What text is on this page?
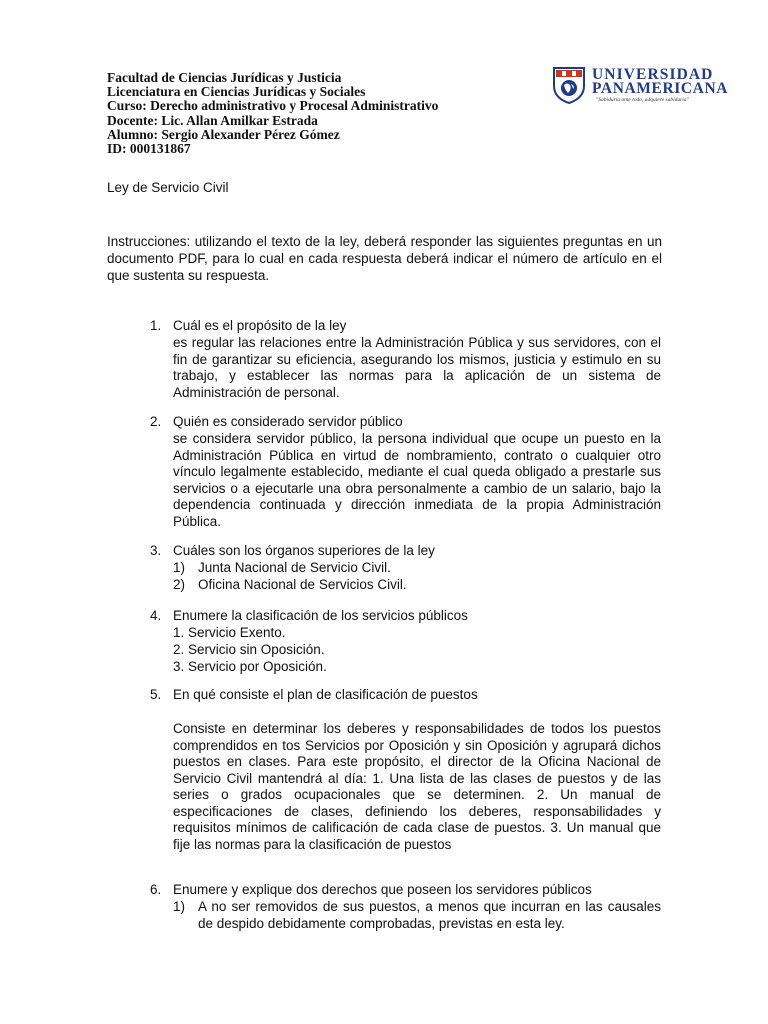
Facultad de Ciencias Jurídicas y Justicia
Licenciatura en Ciencias Jurídicas y Sociales
Curso: Derecho administrativo y Procesal Administrativo
Docente: Lic. Allan Amilkar Estrada
Alumno: Sergio Alexander Pérez Gómez
ID: 000131867
UNIVERSIDAD
PANAMERICANA
"Sabiduría ante todo, adquiere sabiduría"
Ley de Servicio Civil
Instrucciones: utilizando el texto de la ley, deberá responder las siguientes preguntas en un documento PDF, para lo cual en cada respuesta deberá indicar el número de artículo en el que sustenta su respuesta.
1. Cuál es el propósito de la ley
es regular las relaciones entre la Administración Pública y sus servidores, con el fin de garantizar su eficiencia, asegurando los mismos, justicia y estimulo en su trabajo, y establecer las normas para la aplicación de un sistema de Administración de personal.
2. Quién es considerado servidor público
se considera servidor público, la persona individual que ocupe un puesto en la Administración Pública en virtud de nombramiento, contrato o cualquier otro vínculo legalmente establecido, mediante el cual queda obligado a prestarle sus servicios o a ejecutarle una obra personalmente a cambio de un salario, bajo la dependencia continuada y dirección inmediata de la propia Administración Pública.
3. Cuáles son los órganos superiores de la ley
1) Junta Nacional de Servicio Civil.
2) Oficina Nacional de Servicios Civil.
4. Enumere la clasificación de los servicios públicos
1. Servicio Exento.
2. Servicio sin Oposición.
3. Servicio por Oposición.
5. En qué consiste el plan de clasificación de puestos
Consiste en determinar los deberes y responsabilidades de todos los puestos comprendidos en tos Servicios por Oposición y sin Oposición y agrupará dichos puestos en clases. Para este propósito, el director de la Oficina Nacional de Servicio Civil mantendrá al día: 1. Una lista de las clases de puestos y de las series o grados ocupacionales que se determinen. 2. Un manual de especificaciones de clases, definiendo los deberes, responsabilidades y requisitos mínimos de calificación de cada clase de puestos. 3. Un manual que fije las normas para la clasificación de puestos
6. Enumere y explique dos derechos que poseen los servidores públicos
1) A no ser removidos de sus puestos, a menos que incurran en las causales de despido debidamente comprobadas, previstas en esta ley.
